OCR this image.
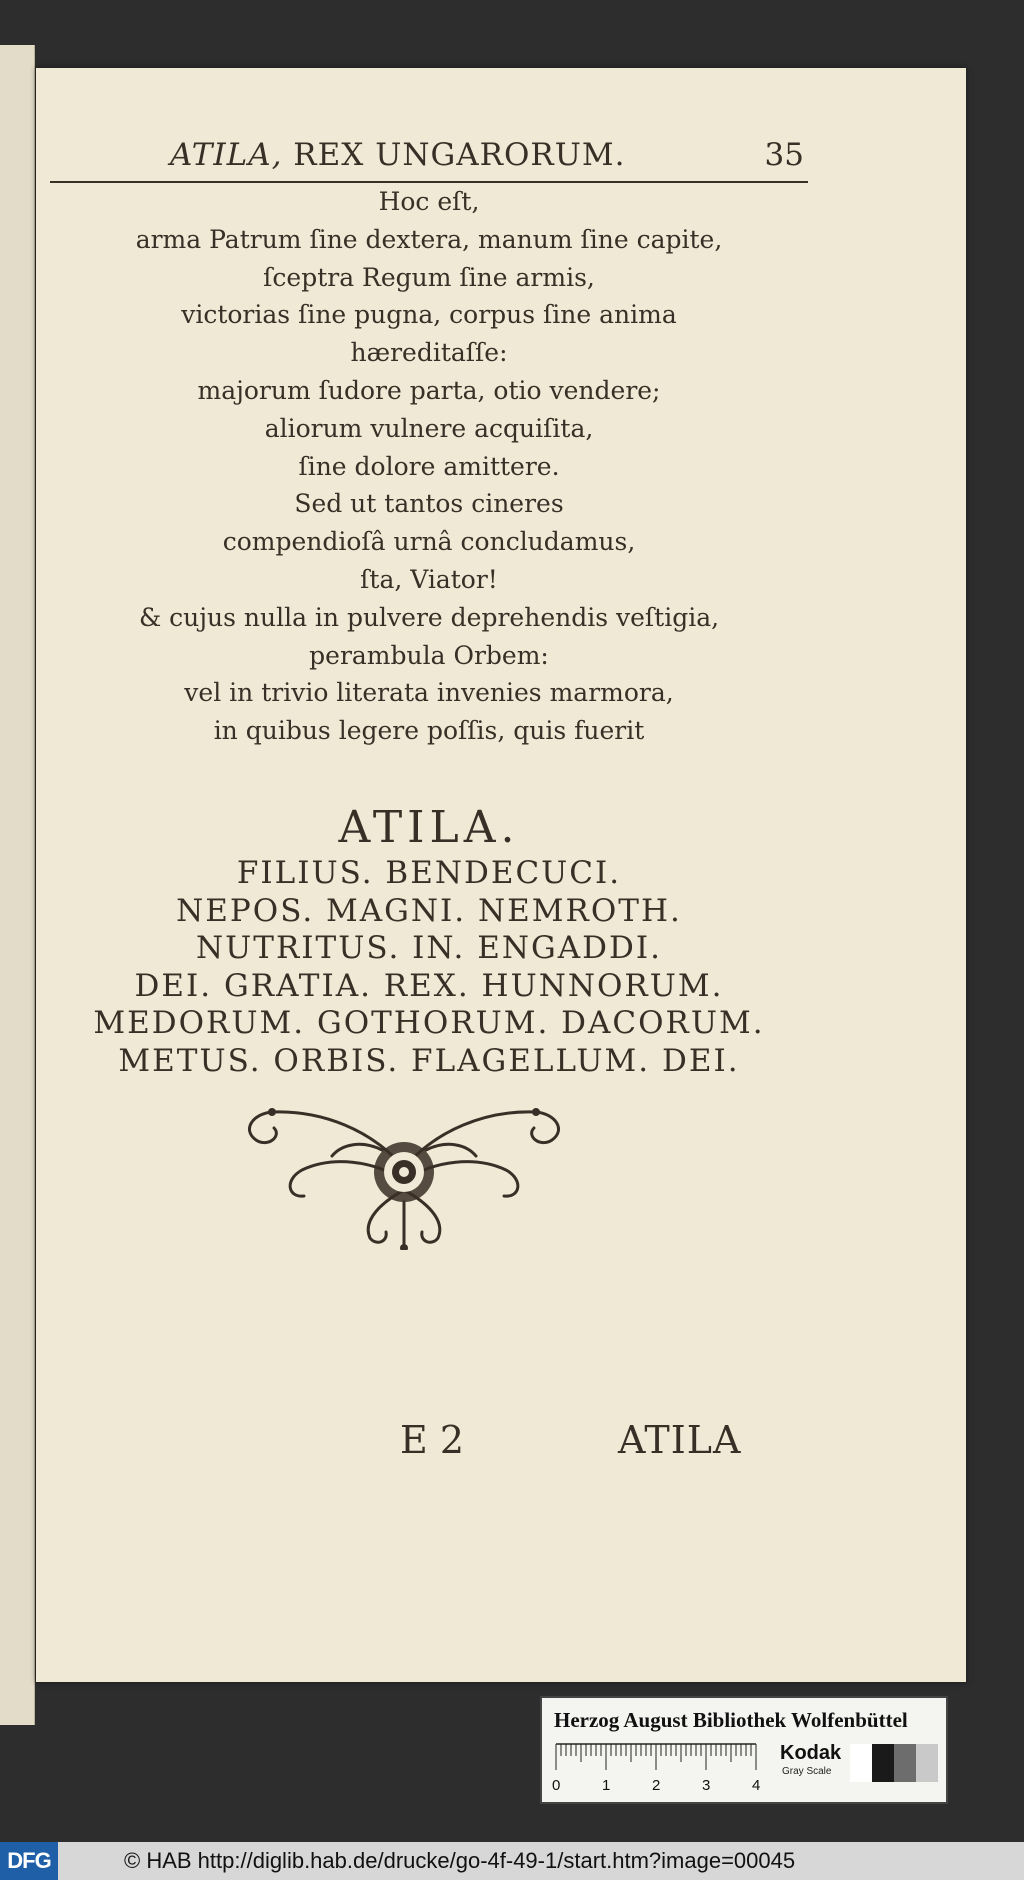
ATILA, REX UNGARORUM.	35
Hoc eſt,
arma Patrum ſine dextera, manum ſine capite,
ſceptra Regum ſine armis,
victorias ſine pugna, corpus ſine anima
hæreditaſſe:
majorum ſudore parta, otio vendere;
aliorum vulnere acquiſita,
ſine dolore amittere.
Sed ut tantos cineres
compendioſâ urnâ concludamus,
ſta, Viator!
& cujus nulla in pulvere deprehendis veſtigia,
perambula Orbem:
vel in trivio literata invenies marmora,
in quibus legere poſſis, quis fuerit
ATILA.
FILIUS. BENDECUCI.
NEPOS. MAGNI. NEMROTH.
NUTRITUS. IN. ENGADDI.
DEI. GRATIA. REX. HUNNORUM.
MEDORUM. GOTHORUM. DACORUM.
METUS. ORBIS. FLAGELLUM. DEI.
E 2	ATILA
Herzog August Bibliothek Wolfenbüttel
0	1	2	3	4
Kodak
Gray Scale
DFG	© HAB http://diglib.hab.de/drucke/go-4f-49-1/start.htm?image=00045
